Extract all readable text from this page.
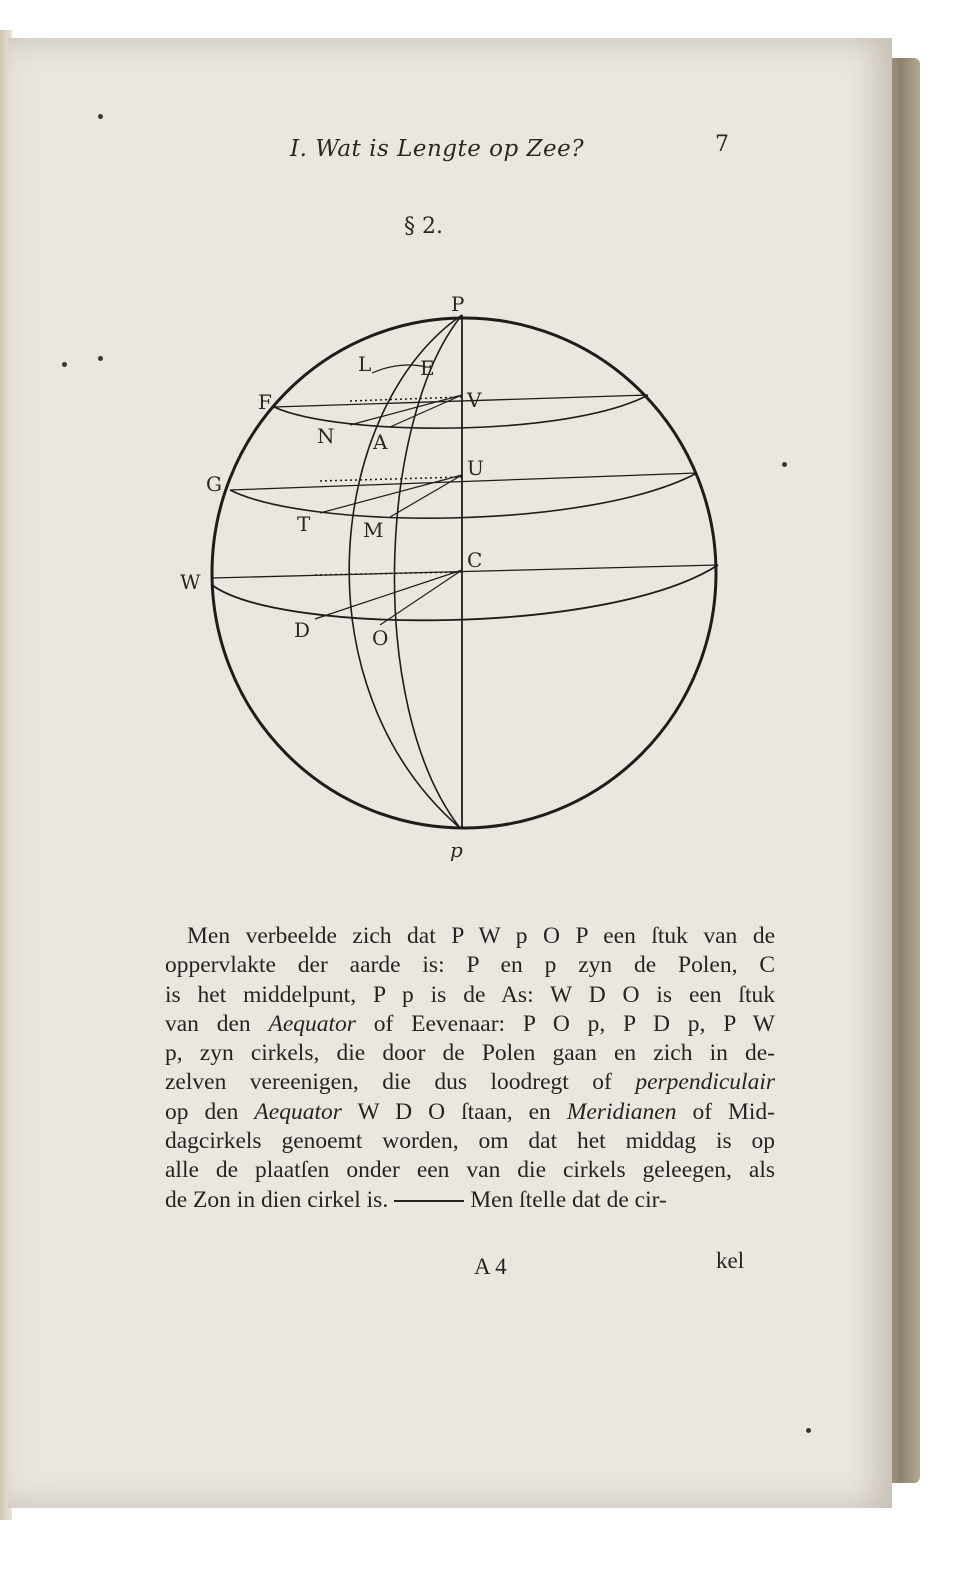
I. Wat is Lengte op Zee?	7
§ 2.
P
L E
F	V
N A
G
U
T	M
C
W
D	O
p
Men verbeelde zich dat P W p O P een ſtuk van de
oppervlakte der aarde is: P en p zyn de Polen, C
is het middelpunt, P p is de As: W D O is een ſtuk
van den Aequator of Eevenaar: P O p, P D p, P W
p, zyn cirkels, die door de Polen gaan en zich in de-
zelven vereenigen, die dus loodregt of perpendiculair
op den Aequator W D O ſtaan, en Meridianen of Mid-
dagcirkels genoemt worden, om dat het middag is op
alle de plaatſen onder een van die cirkels geleegen, als
de Zon in dien cirkel is.	Men ſtelle dat de cir-
A 4	kel
